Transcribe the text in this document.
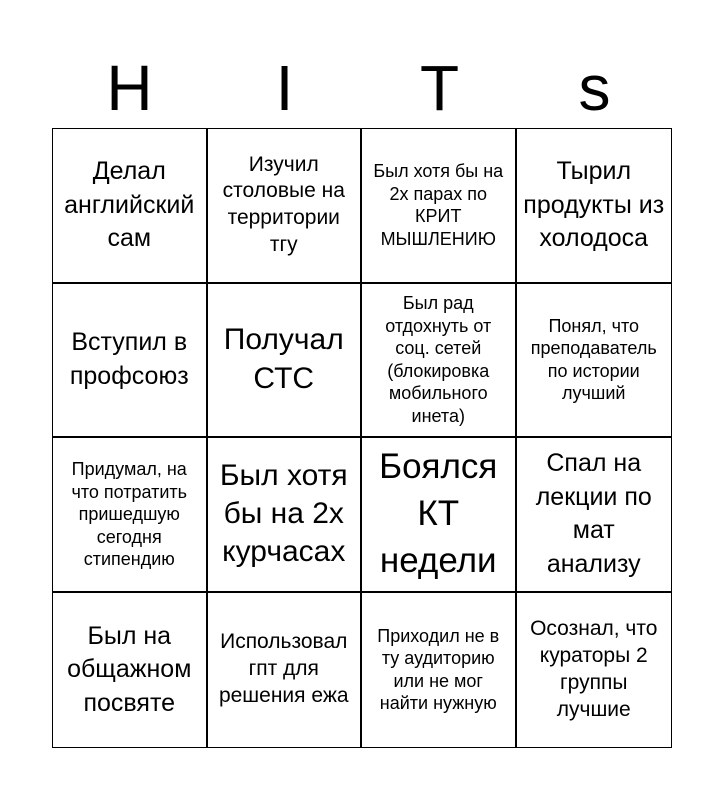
H	I	T	s
Делал английский сам
Изучил столовые на территории тгу
Был хотя бы на 2х парах по КРИТ МЫШЛЕНИЮ
Тырил продукты из холодоса
Вступил в профсоюз
Получал СТС
Был рад отдохнуть от соц. сетей (блокировка мобильного инета)
Понял, что преподаватель по истории лучший
Придумал, на что потратить пришедшую сегодня стипендию
Был хотя бы на 2х курчасах
Боялся КТ недели
Спал на лекции по мат анализу
Был на общажном посвяте
Использовал гпт для решения ежа
Приходил не в ту аудиторию или не мог найти нужную
Осознал, что кураторы 2 группы лучшие
